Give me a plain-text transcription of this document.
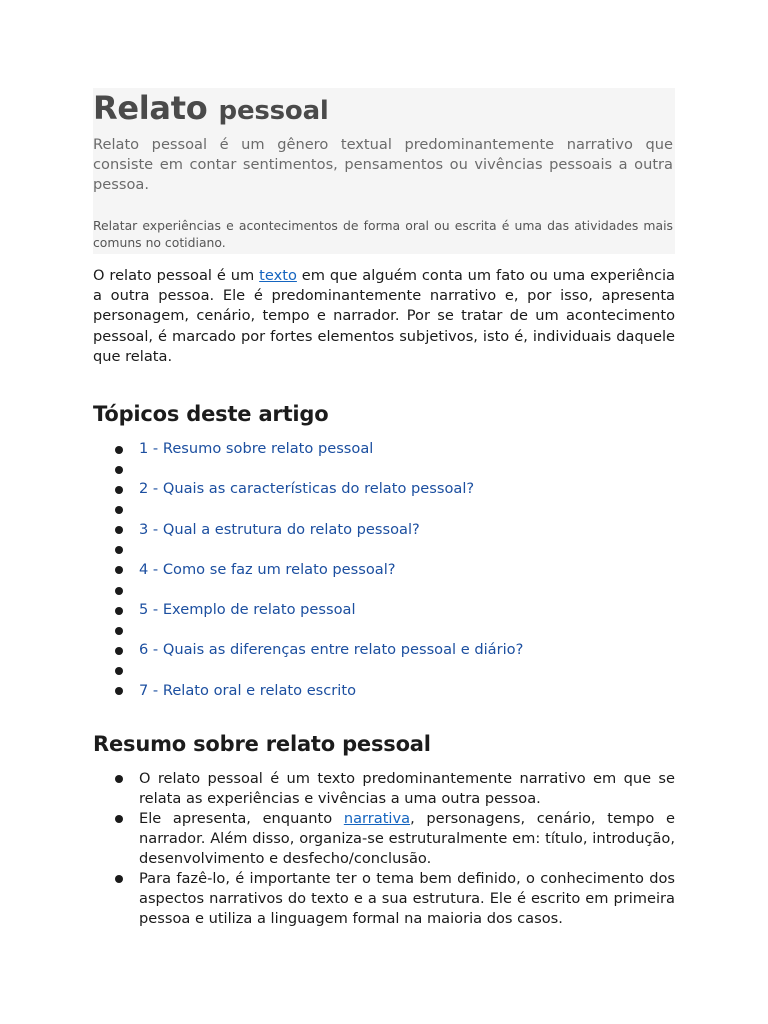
Relato pessoal

Relato pessoal é um gênero textual predominantemente narrativo que consiste em contar sentimentos, pensamentos ou vivências pessoais a outra pessoa.

Relatar experiências e acontecimentos de forma oral ou escrita é uma das atividades mais comuns no cotidiano.

O relato pessoal é um texto em que alguém conta um fato ou uma experiência a outra pessoa. Ele é predominantemente narrativo e, por isso, apresenta personagem, cenário, tempo e narrador. Por se tratar de um acontecimento pessoal, é marcado por fortes elementos subjetivos, isto é, individuais daquele que relata.

Tópicos deste artigo
1 - Resumo sobre relato pessoal
2 - Quais as características do relato pessoal?
3 - Qual a estrutura do relato pessoal?
4 - Como se faz um relato pessoal?
5 - Exemplo de relato pessoal
6 - Quais as diferenças entre relato pessoal e diário?
7 - Relato oral e relato escrito
Resumo sobre relato pessoal
O relato pessoal é um texto predominantemente narrativo em que se relata as experiências e vivências a uma outra pessoa.
Ele apresenta, enquanto narrativa, personagens, cenário, tempo e narrador. Além disso, organiza-se estruturalmente em: título, introdução, desenvolvimento e desfecho/conclusão.
Para fazê-lo, é importante ter o tema bem definido, o conhecimento dos aspectos narrativos do texto e a sua estrutura. Ele é escrito em primeira pessoa e utiliza a linguagem formal na maioria dos casos.
